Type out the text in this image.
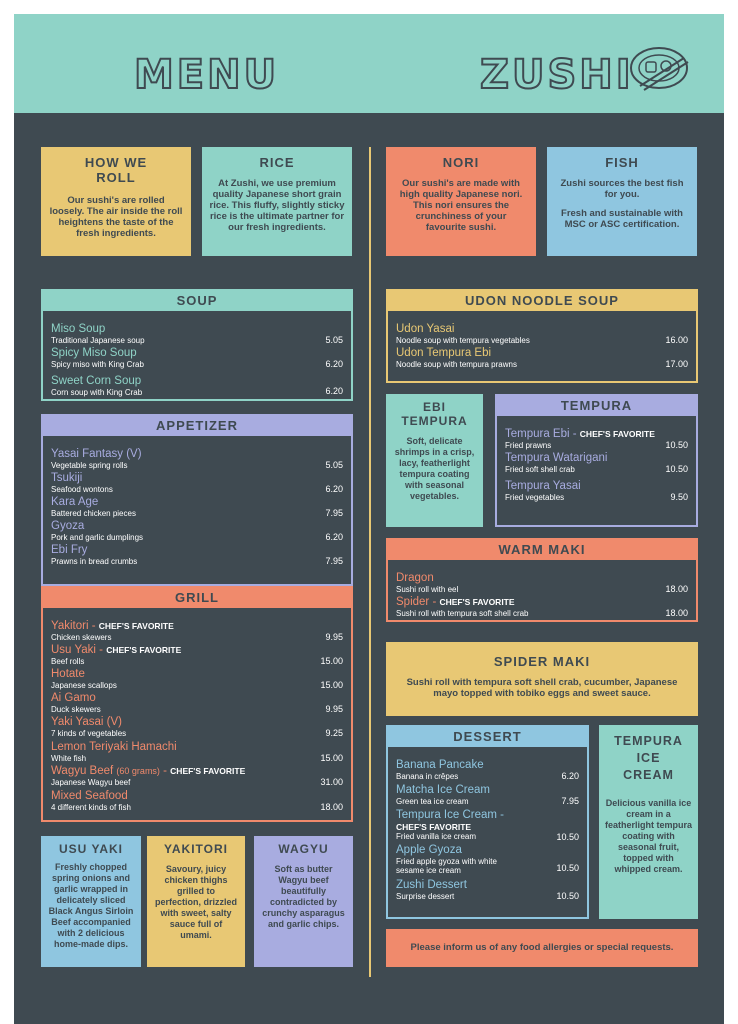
MENU	ZUSHI
HOW WE
ROLL
Our sushi's are rolled loosely. The air inside the roll heightens the taste of the fresh ingredients.
RICE
At Zushi, we use premium quality Japanese short grain rice. This fluffy, slightly sticky rice is the ultimate partner for our fresh ingredients.
NORI
Our sushi's are made with high quality Japanese nori. This nori ensures the crunchiness of your favourite sushi.
FISH
Zushi sources the best fish for you.
Fresh and sustainable with MSC or ASC certification.
SOUP
Miso Soup
Traditional Japanese soup	5.05
Spicy Miso Soup
Spicy miso with King Crab	6.20
Sweet Corn Soup
Corn soup with King Crab	6.20
APPETIZER
Yasai Fantasy (V)
Vegetable spring rolls	5.05
Tsukiji
Seafood wontons	6.20
Kara Age
Battered chicken pieces	7.95
Gyoza
Pork and garlic dumplings	6.20
Ebi Fry
Prawns in bread crumbs	7.95
GRILL
Yakitori - CHEF'S FAVORITE
Chicken skewers	9.95
Usu Yaki - CHEF'S FAVORITE
Beef rolls	15.00
Hotate
Japanese scallops	15.00
Ai Gamo
Duck skewers	9.95
Yaki Yasai (V)
7 kinds of vegetables	9.25
Lemon Teriyaki Hamachi
White fish	15.00
Wagyu Beef (60 grams) - CHEF'S FAVORITE
Japanese Wagyu beef	31.00
Mixed Seafood
4 different kinds of fish	18.00
USU YAKI
Freshly chopped spring onions and garlic wrapped in delicately sliced Black Angus Sirloin Beef accompanied with 2 delicious home-made dips.
YAKITORI
Savoury, juicy chicken thighs grilled to perfection, drizzled with sweet, salty sauce full of umami.
WAGYU
Soft as butter Wagyu beef beautifully contradicted by crunchy asparagus and garlic chips.
UDON NOODLE SOUP
Udon Yasai
Noodle soup with tempura vegetables	16.00
Udon Tempura Ebi
Noodle soup with tempura prawns	17.00
EBI
TEMPURA
Soft, delicate shrimps in a crisp, lacy, featherlight tempura coating with seasonal vegetables.
TEMPURA
Tempura Ebi - CHEF'S FAVORITE
Fried prawns	10.50
Tempura Watarigani
Fried soft shell crab	10.50
Tempura Yasai
Fried vegetables	9.50
WARM MAKI
Dragon
Sushi roll with eel	18.00
Spider - CHEF'S FAVORITE
Sushi roll with tempura soft shell crab	18.00
SPIDER MAKI
Sushi roll with tempura soft shell crab, cucumber, Japanese mayo topped with tobiko eggs and sweet sauce.
DESSERT
Banana Pancake
Banana in crêpes	6.20
Matcha Ice Cream
Green tea ice cream	7.95
Tempura Ice Cream -
CHEF'S FAVORITE
Fried vanilla ice cream	10.50
Apple Gyoza
Fried apple gyoza with white sesame ice cream	10.50
Zushi Dessert
Surprise dessert	10.50
TEMPURA
ICE
CREAM
Delicious vanilla ice cream in a featherlight tempura coating with seasonal fruit, topped with whipped cream.
Please inform us of any food allergies or special requests.
